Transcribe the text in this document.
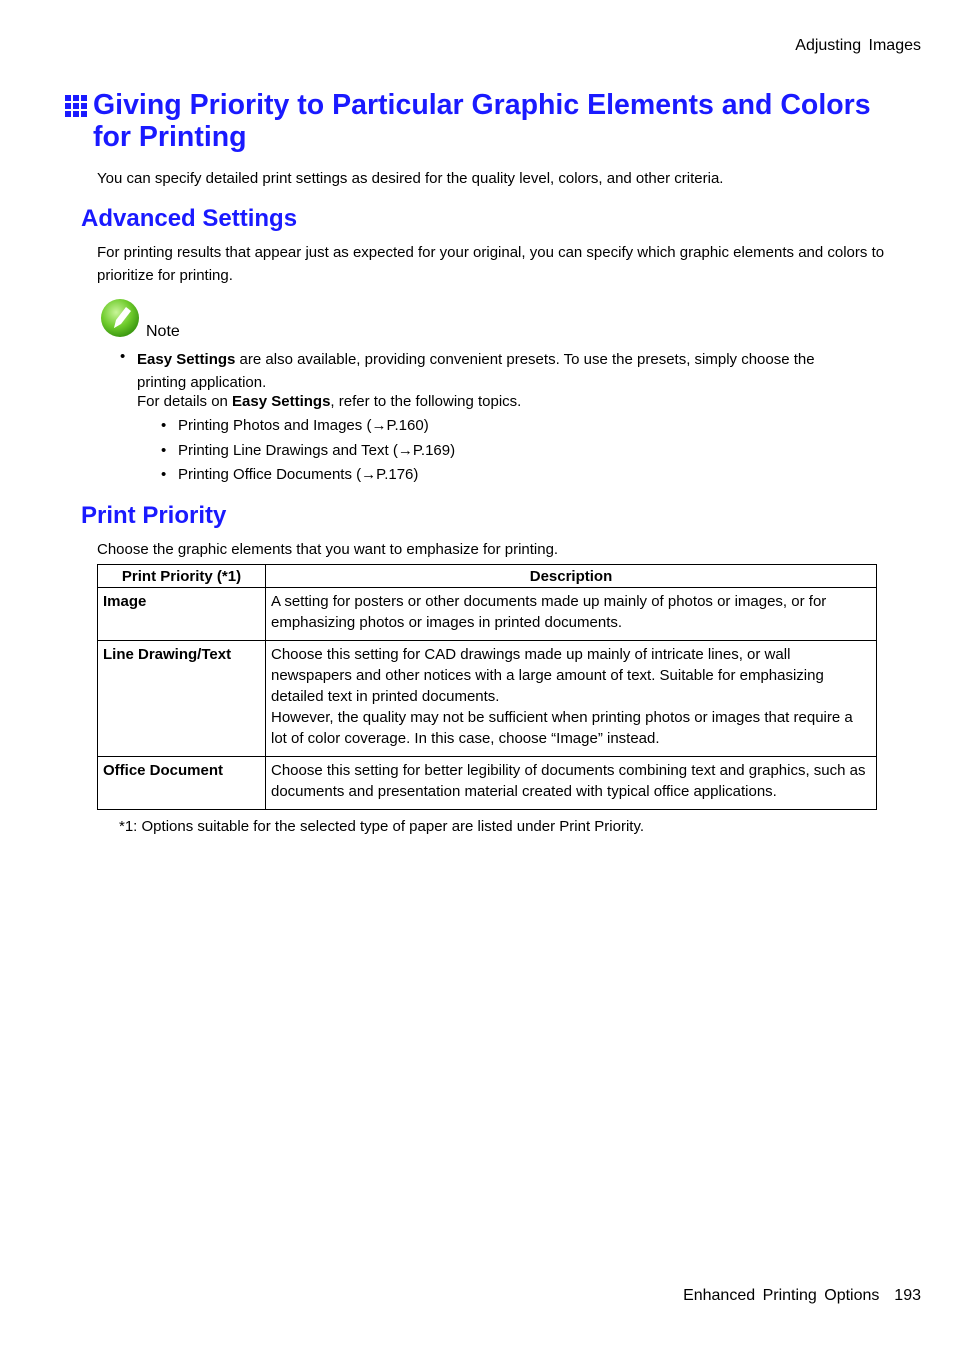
Adjusting Images
Giving Priority to Particular Graphic Elements and Colors for Printing
You can specify detailed print settings as desired for the quality level, colors, and other criteria.
Advanced Settings
For printing results that appear just as expected for your original, you can specify which graphic elements and colors to prioritize for printing.
Note
• Easy Settings are also available, providing convenient presets. To use the presets, simply choose the printing application.
For details on Easy Settings, refer to the following topics.
• Printing Photos and Images (→P.160)
• Printing Line Drawings and Text (→P.169)
• Printing Office Documents (→P.176)
Print Priority
Choose the graphic elements that you want to emphasize for printing.
Print Priority (*1)	Description
Image	A setting for posters or other documents made up mainly of photos or images, or for emphasizing photos or images in printed documents.
Line Drawing/Text	Choose this setting for CAD drawings made up mainly of intricate lines, or wall newspapers and other notices with a large amount of text. Suitable for emphasizing detailed text in printed documents.
However, the quality may not be sufficient when printing photos or images that require a lot of color coverage. In this case, choose “Image” instead.

Office Document	Choose this setting for better legibility of documents combining text and graphics, such as documents and presentation material created with typical office applications.
*1: Options suitable for the selected type of paper are listed under Print Priority.
Enhanced Printing Options 193
